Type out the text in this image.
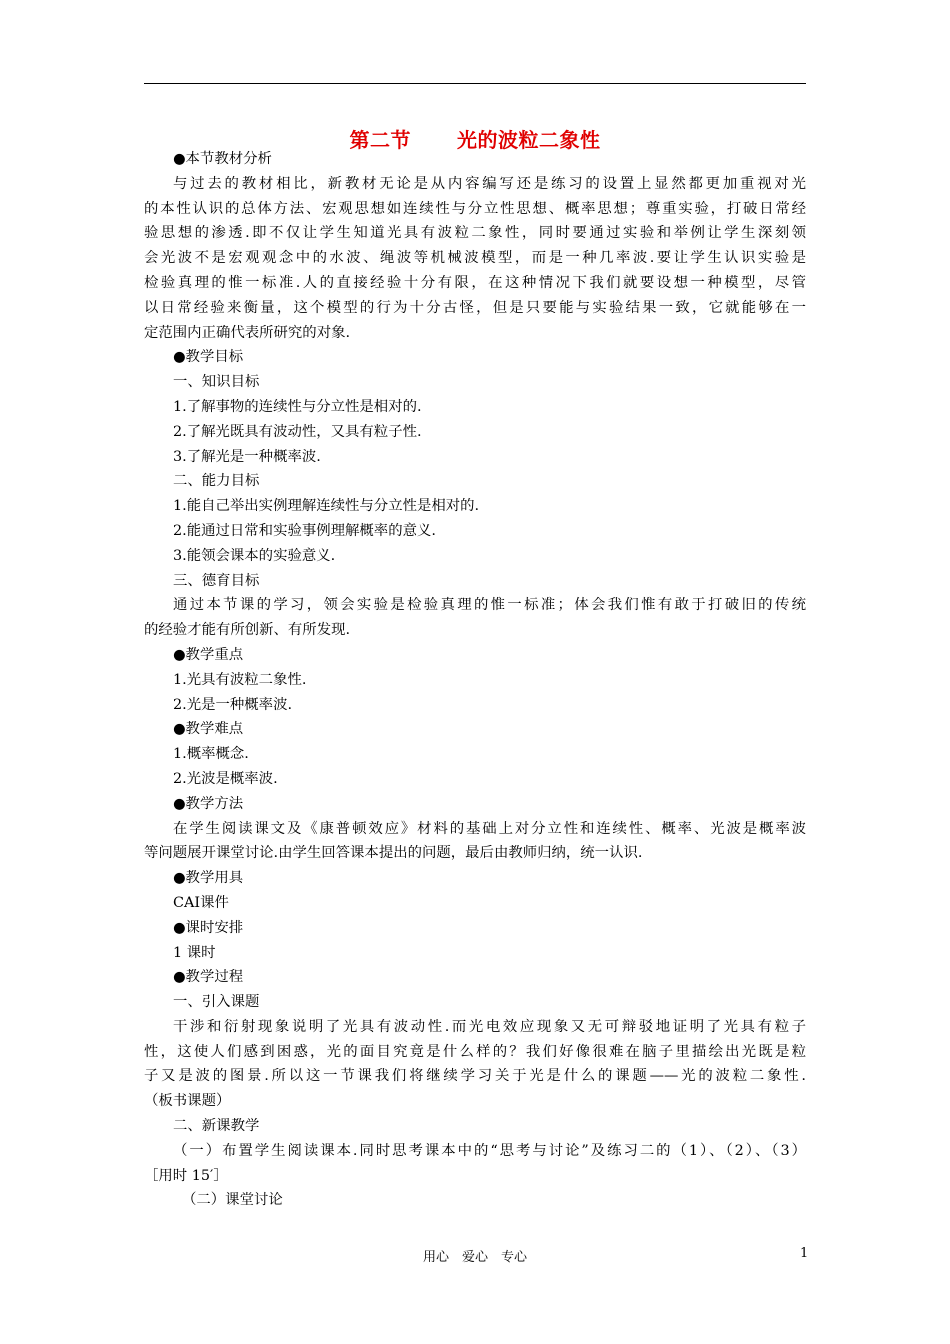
第二节 光的波粒二象性
●本节教材分析
与过去的教材相比，新教材无论是从内容编写还是练习的设置上显然都更加重视对光
的本性认识的总体方法、宏观思想如连续性与分立性思想、概率思想；尊重实验，打破日常经
验思想的渗透.即不仅让学生知道光具有波粒二象性，同时要通过实验和举例让学生深刻领
会光波不是宏观观念中的水波、绳波等机械波模型，而是一种几率波.要让学生认识实验是
检验真理的惟一标准.人的直接经验十分有限，在这种情况下我们就要设想一种模型，尽管
以日常经验来衡量，这个模型的行为十分古怪，但是只要能与实验结果一致，它就能够在一
定范围内正确代表所研究的对象.
●教学目标
一、知识目标
1.了解事物的连续性与分立性是相对的.
2.了解光既具有波动性，又具有粒子性.
3.了解光是一种概率波.
二、能力目标
1.能自己举出实例理解连续性与分立性是相对的.
2.能通过日常和实验事例理解概率的意义.
3.能领会课本的实验意义.
三、德育目标
通过本节课的学习，领会实验是检验真理的惟一标准；体会我们惟有敢于打破旧的传统
的经验才能有所创新、有所发现.
●教学重点
1.光具有波粒二象性.
2.光是一种概率波.
●教学难点
1.概率概念.
2.光波是概率波.
●教学方法
在学生阅读课文及《康普顿效应》材料的基础上对分立性和连续性、概率、光波是概率波
等问题展开课堂讨论.由学生回答课本提出的问题，最后由教师归纳，统一认识.
●教学用具
CAI课件
●课时安排
1 课时
●教学过程
一、引入课题
干涉和衍射现象说明了光具有波动性.而光电效应现象又无可辩驳地证明了光具有粒子
性，这使人们感到困惑，光的面目究竟是什么样的？我们好像很难在脑子里描绘出光既是粒
子又是波的图景.所以这一节课我们将继续学习关于光是什么的课题——光的波粒二象性.
（板书课题）
二、新课教学
（一）布置学生阅读课本.同时思考课本中的“思考与讨论”及练习二的（1）、（2）、（3）
［用时 15′］
（二）课堂讨论
用心　爱心　专心	1
